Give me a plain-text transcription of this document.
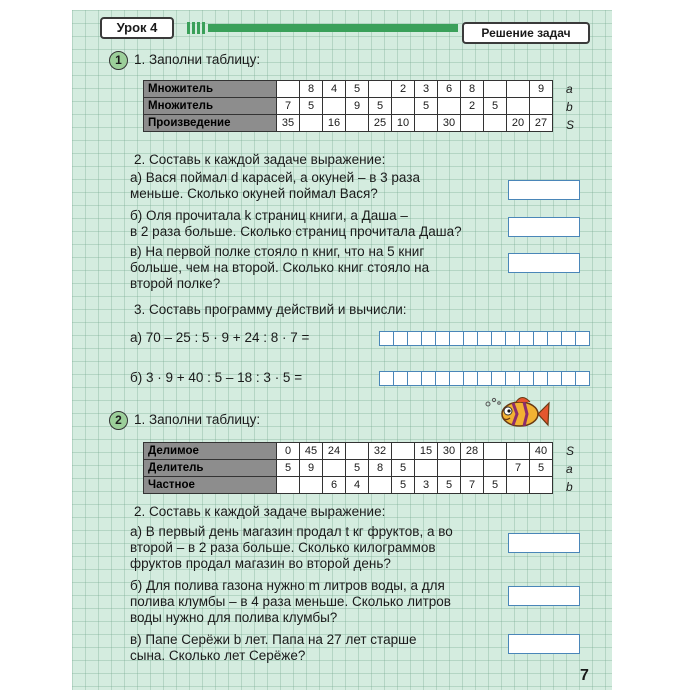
Урок 4	Решение задач
1 1. Заполни таблицу:
Множитель		8	4	5		2	3	6	8			9
Множитель	7	5		9	5		5		2	5		
Произведение	35		16		25	10		30			20	27
a
b
S
2. Составь к каждой задаче выражение:
а) Вася поймал d карасей, а окуней – в 3 раза
меньше. Сколько окуней поймал Вася?
б) Оля прочитала k страниц книги, а Даша –
в 2 раза больше. Сколько страниц прочитала Даша?
в) На первой полке стояло n книг, что на 5 книг
больше, чем на второй. Сколько книг стояло на
второй полке?
3. Составь программу действий и вычисли:
а) 70 – 25 : 5 · 9 + 24 : 8 · 7 =
б) 3 · 9 + 40 : 5 – 18 : 3 · 5 =
2 1. Заполни таблицу:
Делимое	0	45	24		32		15	30	28			40
Делитель	5	9		5	8	5					7	5
Частное			6	4		5	3	5	7	5		
S
a
b
2. Составь к каждой задаче выражение:
а) В первый день магазин продал t кг фруктов, а во
второй – в 2 раза больше. Сколько килограммов
фруктов продал магазин во второй день?
б) Для полива газона нужно m литров воды, а для
полива клумбы – в 4 раза меньше. Сколько литров
воды нужно для полива клумбы?
в) Папе Серёжи b лет. Папа на 27 лет старше
сына. Сколько лет Серёже?
7
